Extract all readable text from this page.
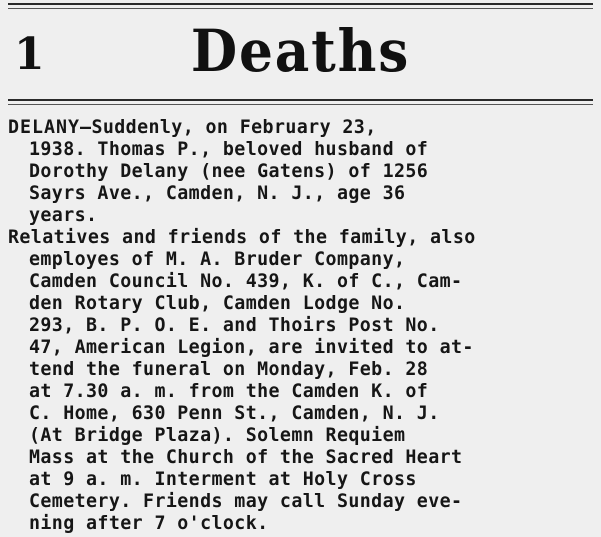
1	Deaths

DELANY—Suddenly, on February 23,
1938. Thomas P., beloved husband of
Dorothy Delany (nee Gatens) of 1256
Sayrs Ave., Camden, N. J., age 36
years.

Relatives and friends of the family, also
employes of M. A. Bruder Company,
Camden Council No. 439, K. of C., Cam-
den Rotary Club, Camden Lodge No.
293, B. P. O. E. and Thoirs Post No.
47, American Legion, are invited to at-
tend the funeral on Monday, Feb. 28
at 7.30 a. m. from the Camden K. of
C. Home, 630 Penn St., Camden, N. J.
(At Bridge Plaza). Solemn Requiem
Mass at the Church of the Sacred Heart
at 9 a. m. Interment at Holy Cross
Cemetery. Friends may call Sunday eve-
ning after 7 o'clock.
